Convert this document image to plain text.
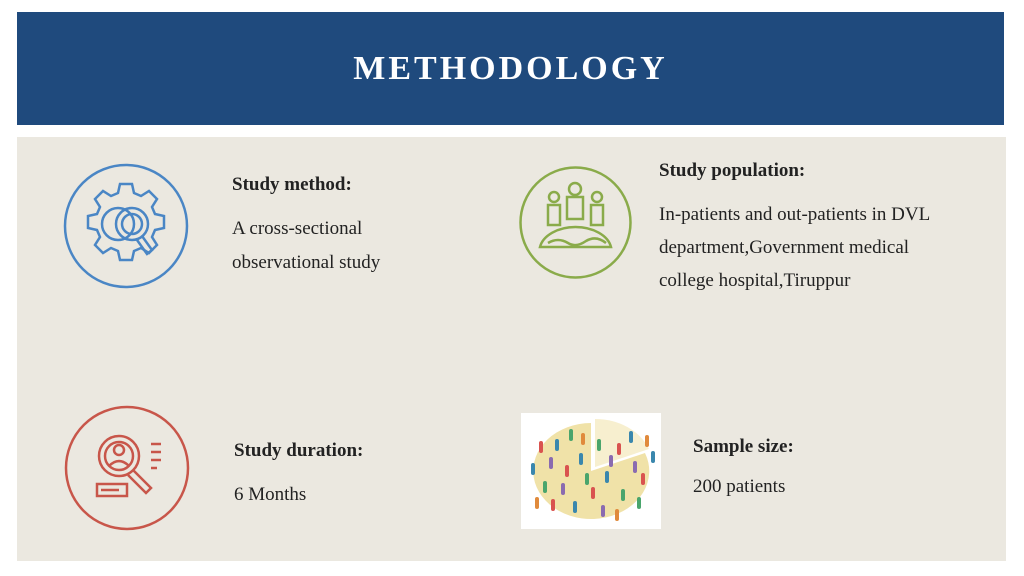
METHODOLOGY
Study method:
A cross-sectional
observational study
Study population:
In-patients and out-patients in DVL
department,Government medical
college hospital,Tiruppur
Study duration:
6 Months
Sample size:
200 patients
